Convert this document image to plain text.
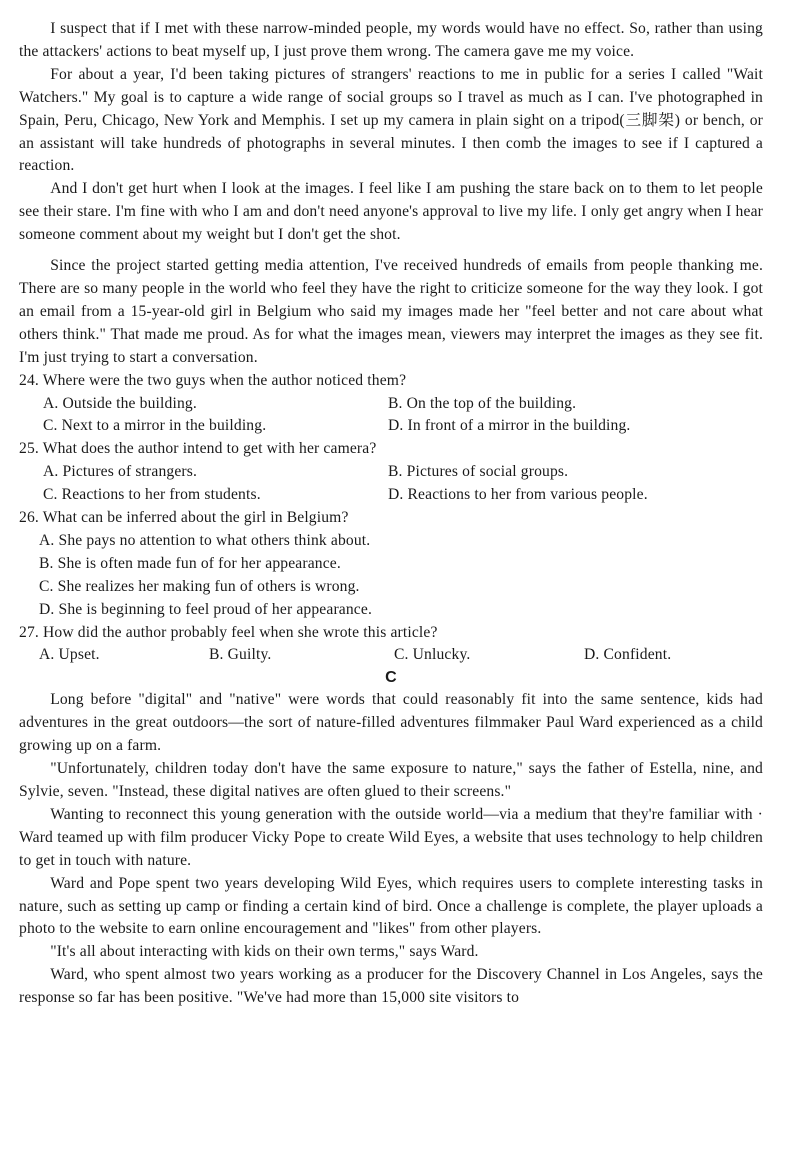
I suspect that if I met with these narrow-minded people, my words would have no effect. So, rather than using the attackers' actions to beat myself up, I just prove them wrong. The camera gave me my voice.

For about a year, I'd been taking pictures of strangers' reactions to me in public for a series I called "Wait Watchers." My goal is to capture a wide range of social groups so I travel as much as I can. I've photographed in Spain, Peru, Chicago, New York and Memphis. I set up my camera in plain sight on a tripod(三脚架) or bench, or an assistant will take hundreds of photographs in several minutes. I then comb the images to see if I captured a reaction.

And I don't get hurt when I look at the images. I feel like I am pushing the stare back on to them to let people see their stare. I'm fine with who I am and don't need anyone's approval to live my life. I only get angry when I hear someone comment about my weight but I don't get the shot.

Since the project started getting media attention, I've received hundreds of emails from people thanking me. There are so many people in the world who feel they have the right to criticize someone for the way they look. I got an email from a 15-year-old girl in Belgium who said my images made her "feel better and not care about what others think." That made me proud. As for what the images mean, viewers may interpret the images as they see fit. I'm just trying to start a conversation.

24. Where were the two guys when the author noticed them?

A. Outside the building.	B. On the top of the building.
C. Next to a mirror in the building.	D. In front of a mirror in the building.

25. What does the author intend to get with her camera?

A. Pictures of strangers.	B. Pictures of social groups.
C. Reactions to her from students.	D. Reactions to her from various people.

26. What can be inferred about the girl in Belgium?

A. She pays no attention to what others think about.
B. She is often made fun of for her appearance.
C. She realizes her making fun of others is wrong.
D. She is beginning to feel proud of her appearance.

27. How did the author probably feel when she wrote this article?

A. Upset.	B. Guilty.	C. Unlucky.	D. Confident.

C

Long before "digital" and "native" were words that could reasonably fit into the same sentence, kids had adventures in the great outdoors—the sort of nature-filled adventures filmmaker Paul Ward experienced as a child growing up on a farm.

"Unfortunately, children today don't have the same exposure to nature," says the father of Estella, nine, and Sylvie, seven. "Instead, these digital natives are often glued to their screens."

Wanting to reconnect this young generation with the outside world—via a medium that they're familiar with · Ward teamed up with film producer Vicky Pope to create Wild Eyes, a website that uses technology to help children to get in touch with nature.

Ward and Pope spent two years developing Wild Eyes, which requires users to complete interesting tasks in nature, such as setting up camp or finding a certain kind of bird. Once a challenge is complete, the player uploads a photo to the website to earn online encouragement and "likes" from other players.

"It's all about interacting with kids on their own terms," says Ward.

Ward, who spent almost two years working as a producer for the Discovery Channel in Los Angeles, says the response so far has been positive. "We've had more than 15,000 site visitors to
